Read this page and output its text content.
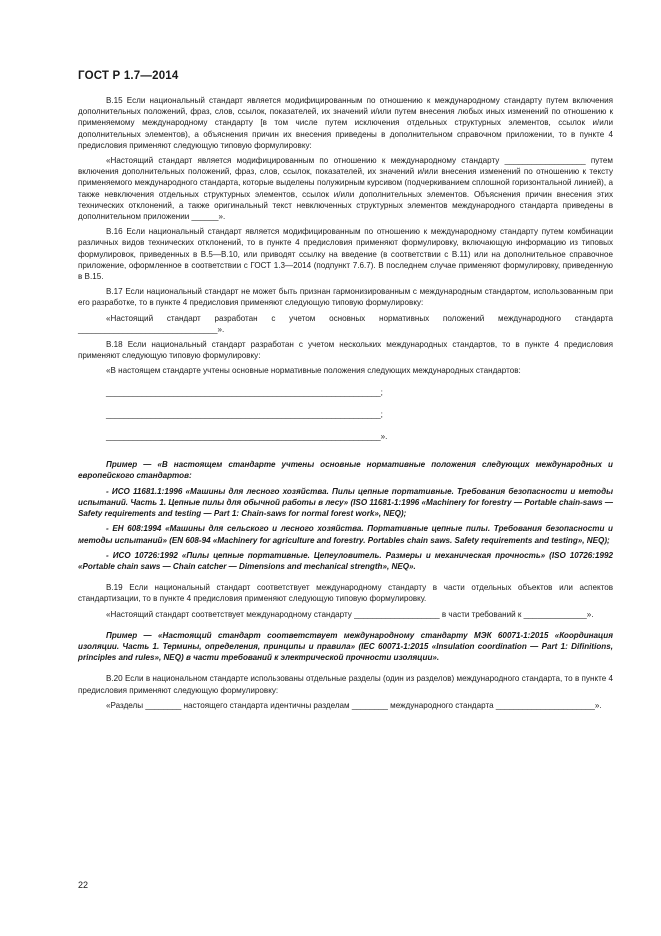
ГОСТ Р 1.7—2014

В.15 Если национальный стандарт является модифицированным по отношению к международному стандарту путем включения дополнительных положений, фраз, слов, ссылок, показателей, их значений и/или путем внесения любых иных изменений по отношению к применяемому международному стандарту [в том числе путем исключения отдельных структурных элементов, ссылок и/или дополнительных элементов), а объяснения причин их внесения приведены в дополнительном справочном приложении, то в пункте 4 предисловия применяют следующую типовую формулировку:

«Настоящий стандарт является модифицированным по отношению к международному стандарту __________________ путем включения дополнительных положений, фраз, слов, ссылок, показателей, их значений и/или внесения изменений по отношению к тексту применяемого международного стандарта, которые выделены полужирным курсивом (подчеркиванием сплошной горизонтальной линией), а также невключения отдельных структурных элементов, ссылок и/или дополнительных элементов. Объяснения причин внесения этих технических отклонений, а также оригинальный текст невключенных структурных элементов международного стандарта приведены в дополнительном приложении ______».

В.16 Если национальный стандарт является модифицированным по отношению к международному стандарту путем комбинации различных видов технических отклонений, то в пункте 4 предисловия применяют формулировку, включающую информацию из типовых формулировок, приведенных в В.5—В.10, или приводят ссылку на введение (в соответствии с В.11) или на дополнительное справочное приложение, оформленное в соответствии с ГОСТ 1.3—2014 (подпункт 7.6.7). В последнем случае применяют формулировку, приведенную в В.15.

В.17 Если национальный стандарт не может быть признан гармонизированным с международным стандартом, использованным при его разработке, то в пункте 4 предисловия применяют следующую типовую формулировку:

«Настоящий стандарт разработан с учетом основных нормативных положений международного стандарта _______________________________».

В.18 Если национальный стандарт разработан с учетом нескольких международных стандартов, то в пункте 4 предисловия применяют следующую типовую формулировку:

«В настоящем стандарте учтены основные нормативные положения следующих международных стандартов:

_____________________________________________________________;
_____________________________________________________________;
_____________________________________________________________».

Пример — «В настоящем стандарте учтены основные нормативные положения следующих международных и европейского стандартов:

- ИСО 11681.1:1996 «Машины для лесного хозяйства. Пилы цепные портативные. Требования безопасности и методы испытаний. Часть 1. Цепные пилы для обычной работы в лесу» (ISO 11681-1:1996 «Machinery for forestry — Portable chain-saws — Safety requirements and testing — Part 1: Chain-saws for normal forest work», NEQ);

- ЕН 608:1994 «Машины для сельского и лесного хозяйства. Портативные цепные пилы. Требования безопасности и методы испытаний» (EN 608-94 «Machinery for agriculture and forestry. Portables chain saws. Safety requirements and testing», NEQ);

- ИСО 10726:1992 «Пилы цепные портативные. Цепеуловитель. Размеры и механическая прочность» (ISO 10726:1992 «Portable chain saws — Chain catcher — Dimensions and mechanical strength», NEQ».

В.19 Если национальный стандарт соответствует международному стандарту в части отдельных объектов или аспектов стандартизации, то в пункте 4 предисловия применяют следующую типовую формулировку.

«Настоящий стандарт соответствует международному стандарту ___________________ в части требований к ______________».

Пример — «Настоящий стандарт соответствует международному стандарту МЭК 60071-1:2015 «Координация изоляции. Часть 1. Термины, определения, принципы и правила» (IEC 60071-1:2015 «Insulation coordination — Part 1: Difinitions, principles and rules», NEQ) в части требований к электрической прочности изоляции».

В.20 Если в национальном стандарте использованы отдельные разделы (один из разделов) международного стандарта, то в пункте 4 предисловия применяют следующую формулировку:

«Разделы ________ настоящего стандарта идентичны разделам ________ международного стандарта ______________________».

22
